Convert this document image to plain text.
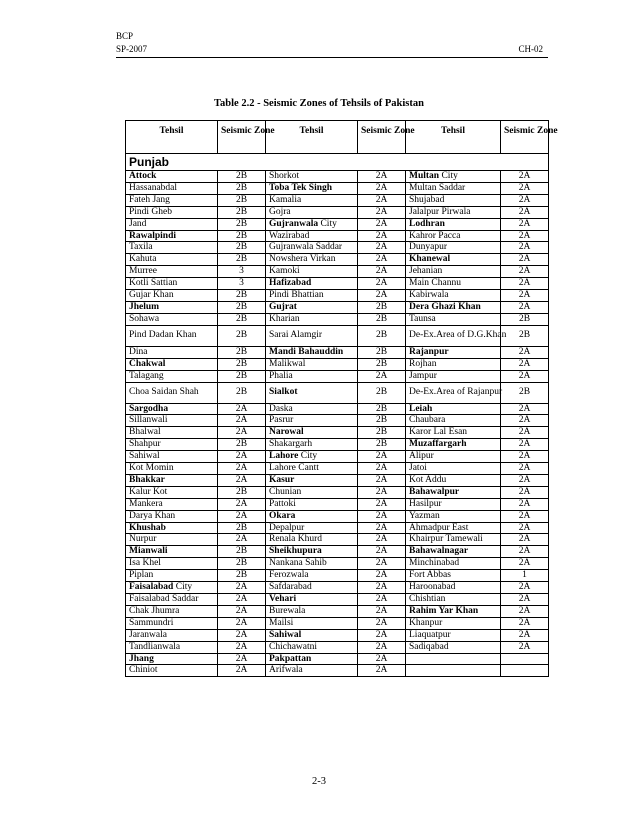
BCP
SP-2007	CH-02
Table 2.2 - Seismic Zones of Tehsils of Pakistan
Tehsil	Seismic Zone	Tehsil	Seismic Zone	Tehsil	Seismic Zone
Punjab					
Attock	2B	Shorkot	2A	Multan City	2A
Hassanabdal	2B	Toba Tek Singh	2A	Multan Saddar	2A
Fateh Jang	2B	Kamalia	2A	Shujabad	2A
Pindi Gheb	2B	Gojra	2A	Jalalpur Pirwala	2A
Jand	2B	Gujranwala City	2A	Lodhran	2A
Rawalpindi	2B	Wazirabad	2A	Kahror Pacca	2A
Taxila	2B	Gujranwala Saddar	2A	Dunyapur	2A
Kahuta	2B	Nowshera Virkan	2A	Khanewal	2A
Murree	3	Kamoki	2A	Jehanian	2A
Kotli Sattian	3	Hafizabad	2A	Main Channu	2A
Gujar Khan	2B	Pindi Bhattian	2A	Kabirwala	2A
Jhelum	2B	Gujrat	2B	Dera Ghazi Khan	2A
Sohawa	2B	Kharian	2B	Taunsa	2B
Pind Dadan Khan	2B	Sarai Alamgir	2B	De-Ex.Area of D.G.Khan	2B
Dina	2B	Mandi Bahauddin	2B	Rajanpur	2A
Chakwal	2B	Malikwal	2B	Rojhan	2A
Talagang	2B	Phalia	2A	Jampur	2A
Choa Saidan Shah	2B	Sialkot	2B	De-Ex.Area of Rajanpur	2B
Sargodha	2A	Daska	2B	Leiah	2A
Sillanwali	2A	Pasrur	2B	Chaubara	2A
Bhalwal	2A	Narowal	2B	Karor Lal Esan	2A
Shahpur	2B	Shakargarh	2B	Muzaffargarh	2A
Sahiwal	2A	Lahore City	2A	Alipur	2A
Kot Momin	2A	Lahore Cantt	2A	Jatoi	2A
Bhakkar	2A	Kasur	2A	Kot Addu	2A
Kalur Kot	2B	Chunian	2A	Bahawalpur	2A
Mankera	2A	Pattoki	2A	Hasilpur	2A
Darya Khan	2A	Okara	2A	Yazman	2A
Khushab	2B	Depalpur	2A	Ahmadpur East	2A
Nurpur	2A	Renala Khurd	2A	Khairpur Tamewali	2A
Mianwali	2B	Sheikhupura	2A	Bahawalnagar	2A
Isa Khel	2B	Nankana Sahib	2A	Minchinabad	2A
Piplan	2B	Ferozwala	2A	Fort Abbas	1
Faisalabad City	2A	Safdarabad	2A	Haroonabad	2A
Faisalabad Saddar	2A	Vehari	2A	Chishtian	2A
Chak Jhumra	2A	Burewala	2A	Rahim Yar Khan	2A
Sammundri	2A	Mailsi	2A	Khanpur	2A
Jaranwala	2A	Sahiwal	2A	Liaquatpur	2A
Tandlianwala	2A	Chichawatni	2A	Sadiqabad	2A
Jhang	2A	Pakpattan	2A		
Chiniot	2A	Arifwala	2A		
2-3
